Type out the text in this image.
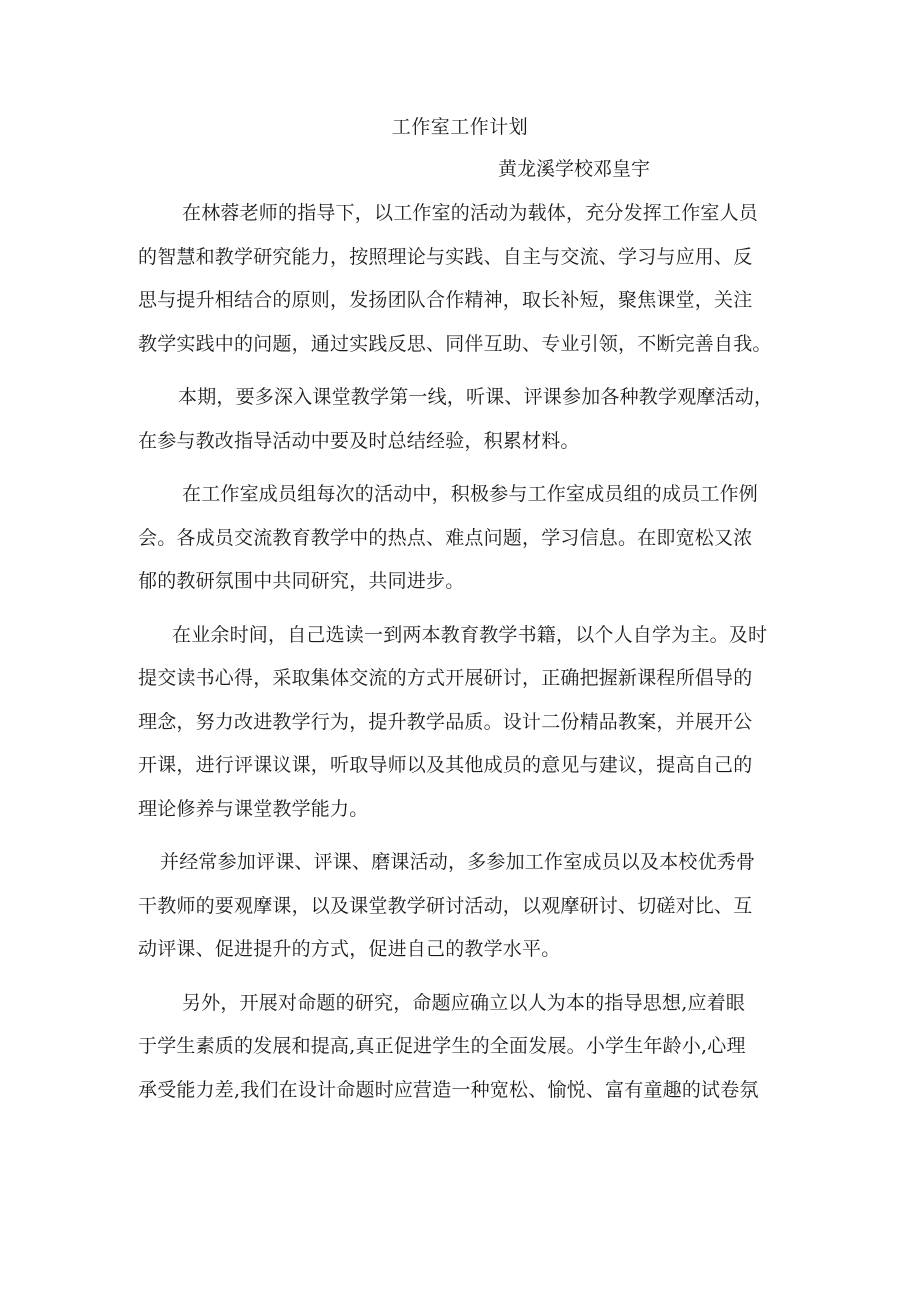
工作室工作计划

黄龙溪学校邓皇宇

在林蓉老师的指导下，以工作室的活动为载体，充分发挥工作室人员
的智慧和教学研究能力，按照理论与实践、自主与交流、学习与应用、反
思与提升相结合的原则，发扬团队合作精神，取长补短，聚焦课堂，关注
教学实践中的问题，通过实践反思、同伴互助、专业引领，不断完善自我。
本期，要多深入课堂教学第一线，听课、评课参加各种教学观摩活动，
在参与教改指导活动中要及时总结经验，积累材料。
在工作室成员组每次的活动中，积极参与工作室成员组的成员工作例
会。各成员交流教育教学中的热点、难点问题，学习信息。在即宽松又浓
郁的教研氛围中共同研究，共同进步。
在业余时间，自己选读一到两本教育教学书籍，以个人自学为主。及时
提交读书心得，采取集体交流的方式开展研讨，正确把握新课程所倡导的
理念，努力改进教学行为，提升教学品质。设计二份精品教案，并展开公
开课，进行评课议课，听取导师以及其他成员的意见与建议，提高自己的
理论修养与课堂教学能力。
并经常参加评课、评课、磨课活动，多参加工作室成员以及本校优秀骨
干教师的要观摩课，以及课堂教学研讨活动，以观摩研讨、切磋对比、互
动评课、促进提升的方式，促进自己的教学水平。
另外，开展对命题的研究，命题应确立以人为本的指导思想,应着眼
于学生素质的发展和提高,真正促进学生的全面发展。小学生年龄小,心理
承受能力差,我们在设计命题时应营造一种宽松、愉悦、富有童趣的试卷氛
